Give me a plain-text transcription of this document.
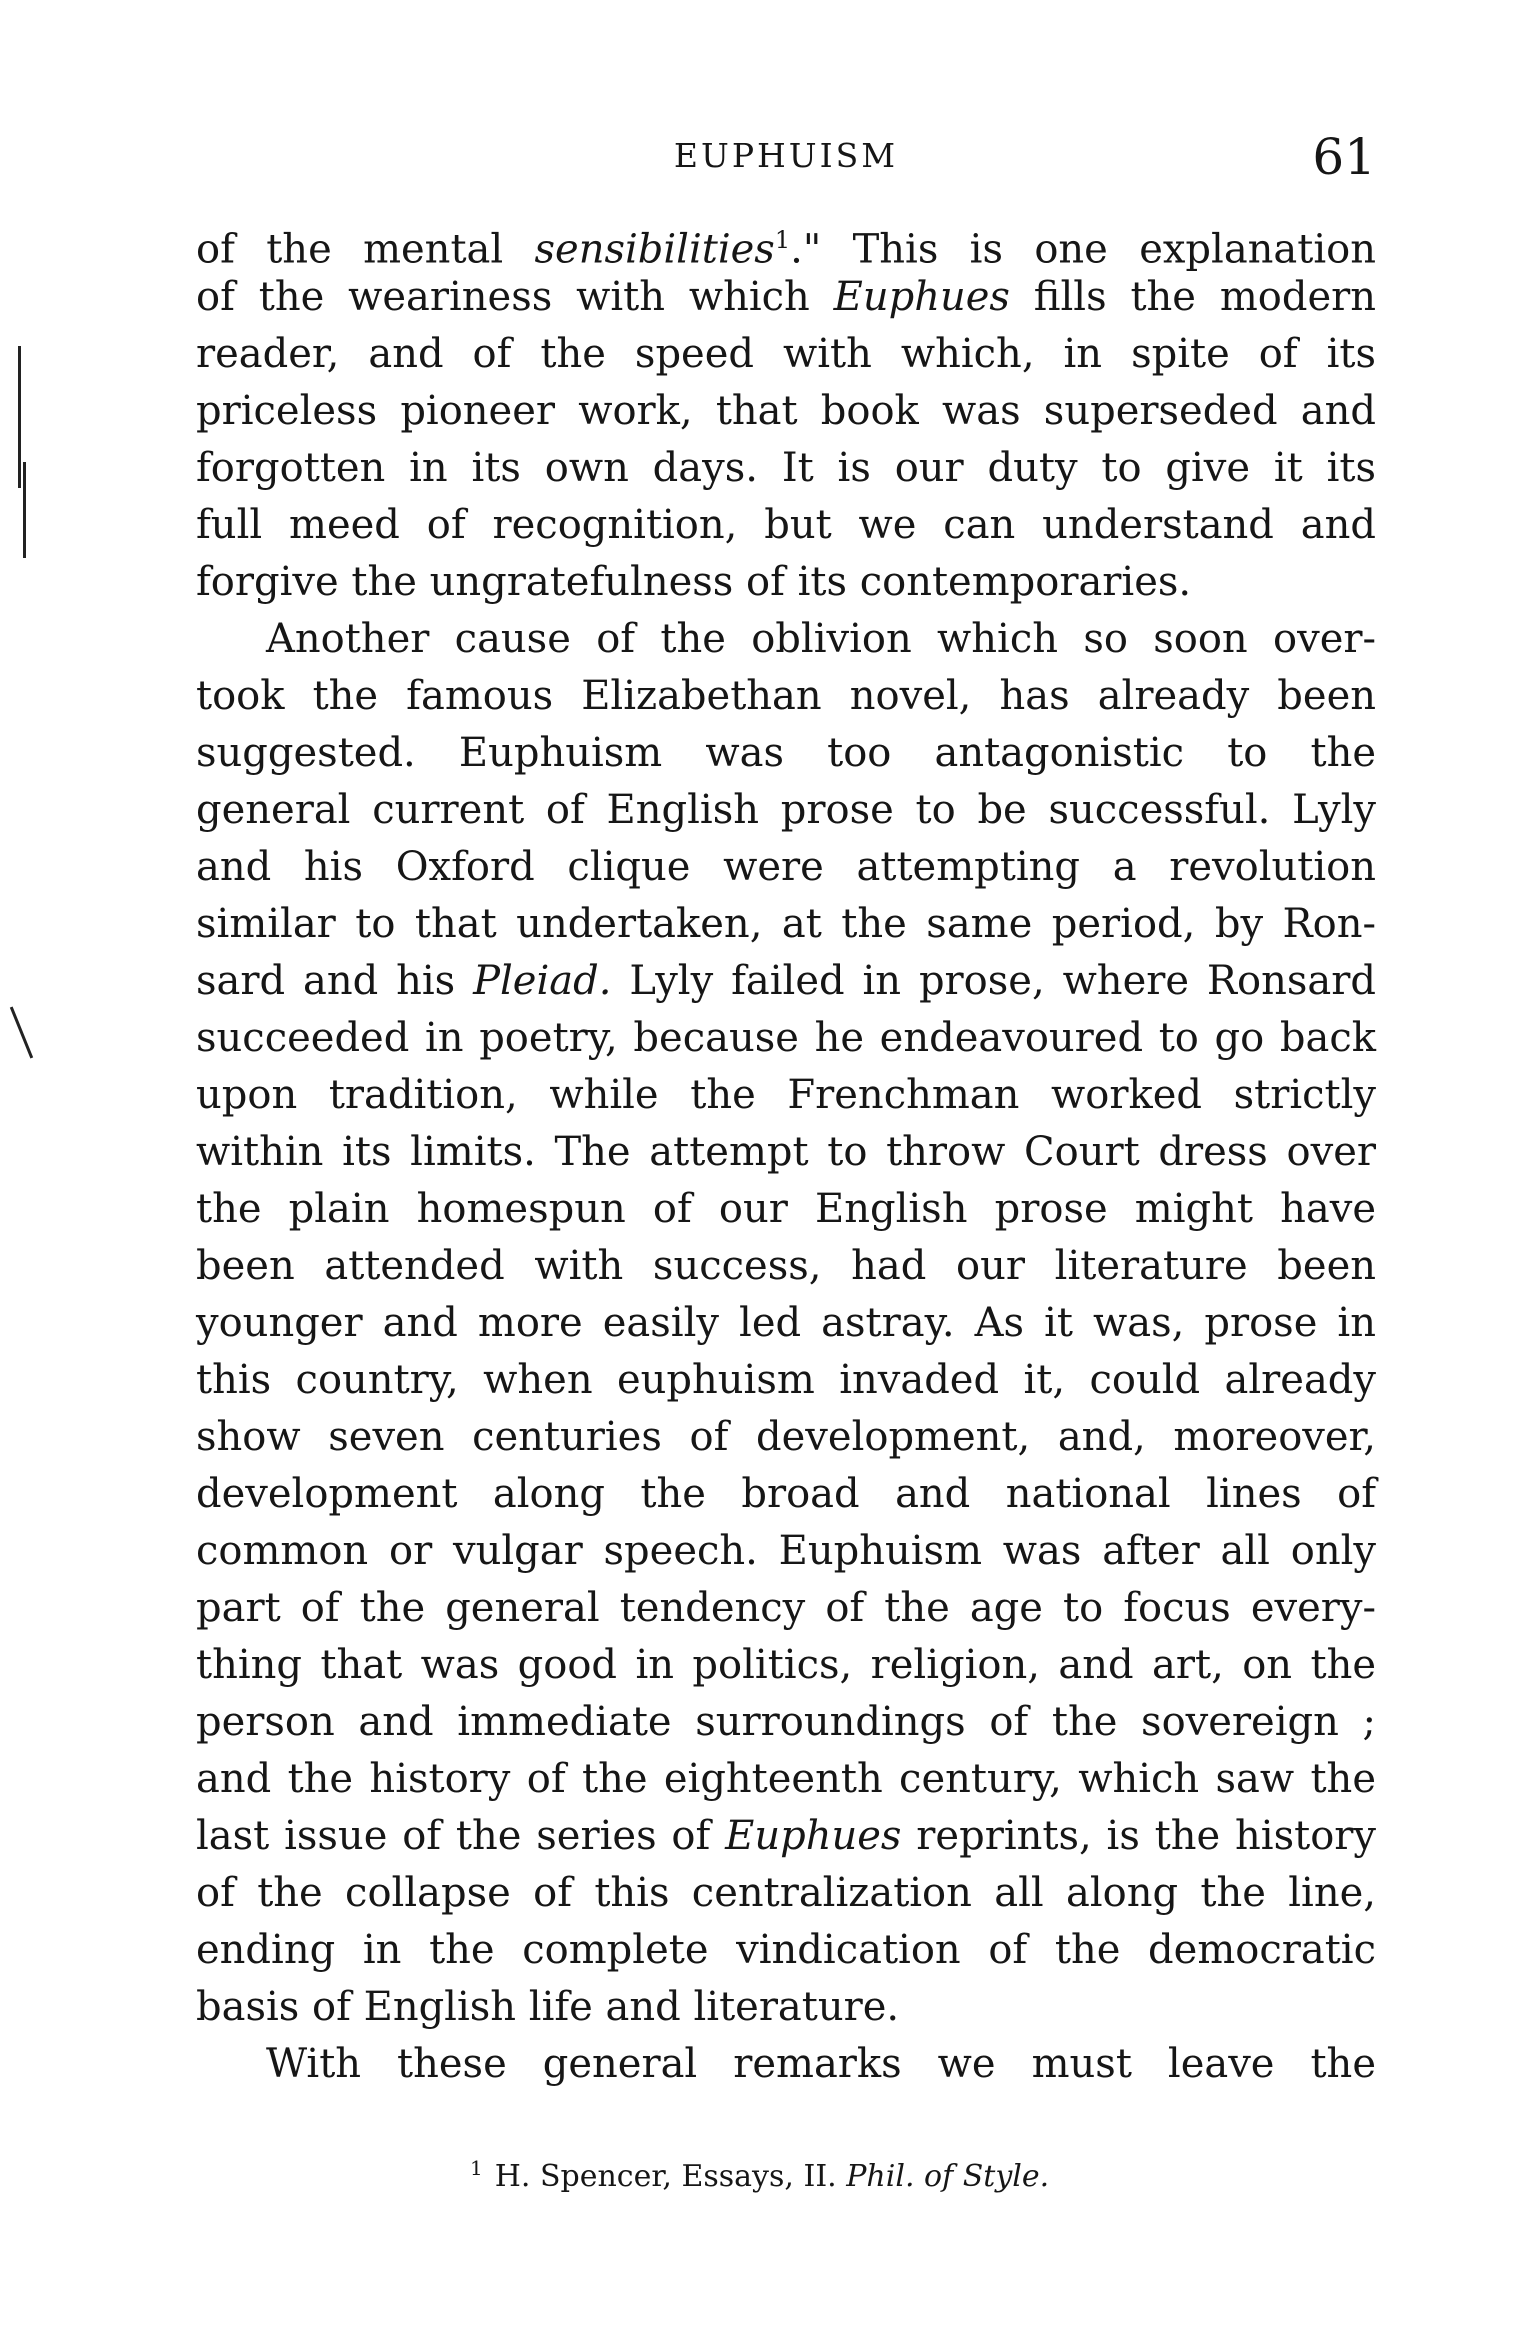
EUPHUISM	61

of the mental sensibilities$^1$." This is one explanation
of the weariness with which Euphues fills the modern
reader, and of the speed with which, in spite of its
priceless pioneer work, that book was superseded and
forgotten in its own days. It is our duty to give it its
full meed of recognition, but we can understand and
forgive the ungratefulness of its contemporaries.

Another cause of the oblivion which so soon over-
took the famous Elizabethan novel, has already been
suggested. Euphuism was too antagonistic to the
general current of English prose to be successful. Lyly
and his Oxford clique were attempting a revolution
similar to that undertaken, at the same period, by Ron-
sard and his Pleiad. Lyly failed in prose, where Ronsard
succeeded in poetry, because he endeavoured to go back
upon tradition, while the Frenchman worked strictly
within its limits. The attempt to throw Court dress over
the plain homespun of our English prose might have
been attended with success, had our literature been
younger and more easily led astray. As it was, prose in
this country, when euphuism invaded it, could already
show seven centuries of development, and, moreover,
development along the broad and national lines of
common or vulgar speech. Euphuism was after all only
part of the general tendency of the age to focus every-
thing that was good in politics, religion, and art, on the
person and immediate surroundings of the sovereign ;
and the history of the eighteenth century, which saw the
last issue of the series of Euphues reprints, is the history
of the collapse of this centralization all along the line,
ending in the complete vindication of the democratic
basis of English life and literature.

With these general remarks we must leave the

$^1$ H. Spencer, Essays, II. Phil. of Style.
